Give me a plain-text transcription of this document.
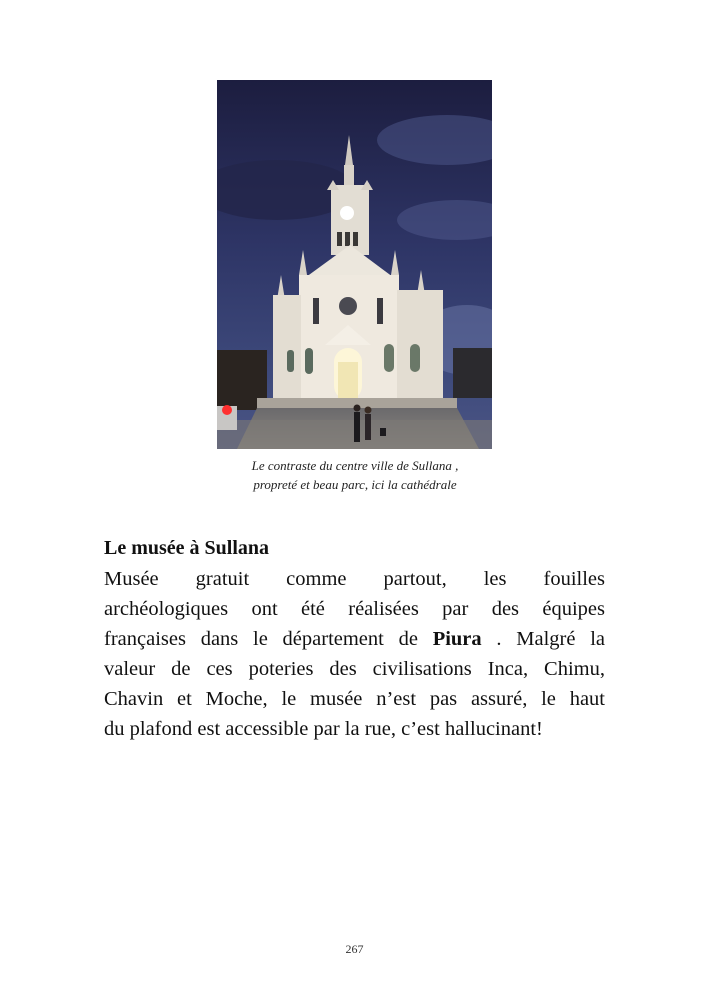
Le contraste du centre ville de Sullana ,
propreté et beau parc, ici la cathédrale
Le musée à Sullana
Musée gratuit comme partout, les fouilles
archéologiques ont été réalisées par des équipes
françaises dans le département de Piura . Malgré la
valeur de ces poteries des civilisations Inca, Chimu,
Chavin et Moche, le musée n’est pas assuré, le haut
du plafond est accessible par la rue, c’est hallucinant!
267
